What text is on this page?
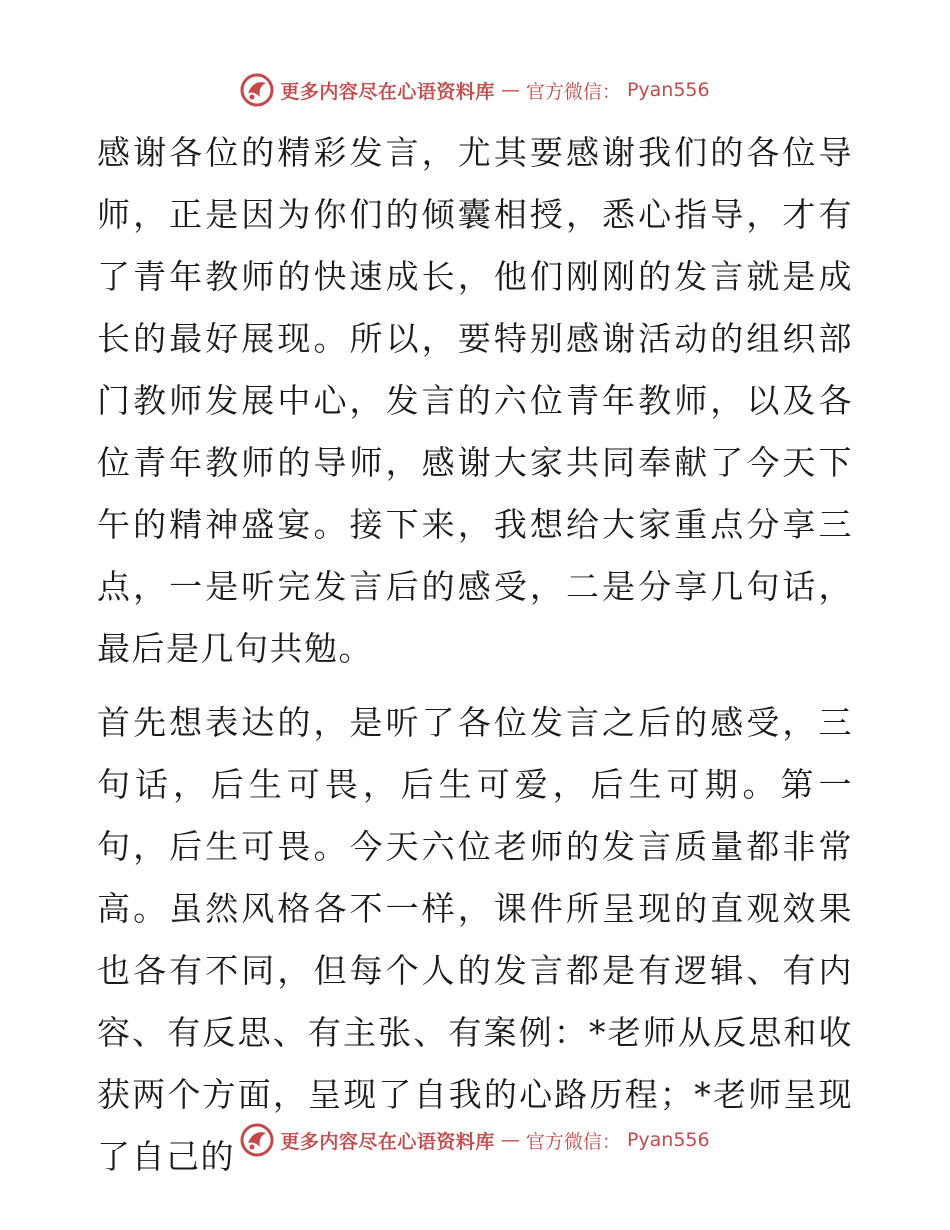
更多内容尽在心语资料库 — 官方微信： Pyan556

感谢各位的精彩发言，尤其要感谢我们的各位导师，正是因为你们的倾囊相授，悉心指导，才有了青年教师的快速成长，他们刚刚的发言就是成长的最好展现。所以，要特别感谢活动的组织部门教师发展中心，发言的六位青年教师，以及各位青年教师的导师，感谢大家共同奉献了今天下午的精神盛宴。接下来，我想给大家重点分享三点，一是听完发言后的感受，二是分享几句话，最后是几句共勉。

首先想表达的，是听了各位发言之后的感受，三句话，后生可畏，后生可爱，后生可期。第一句，后生可畏。今天六位老师的发言质量都非常高。虽然风格各不一样，课件所呈现的直观效果也各有不同，但每个人的发言都是有逻辑、有内容、有反思、有主张、有案例：*老师从反思和收获两个方面，呈现了自我的心路历程；*老师呈现了自己的	更多内容尽在心语资料库 — 官方微信： Pyan556
